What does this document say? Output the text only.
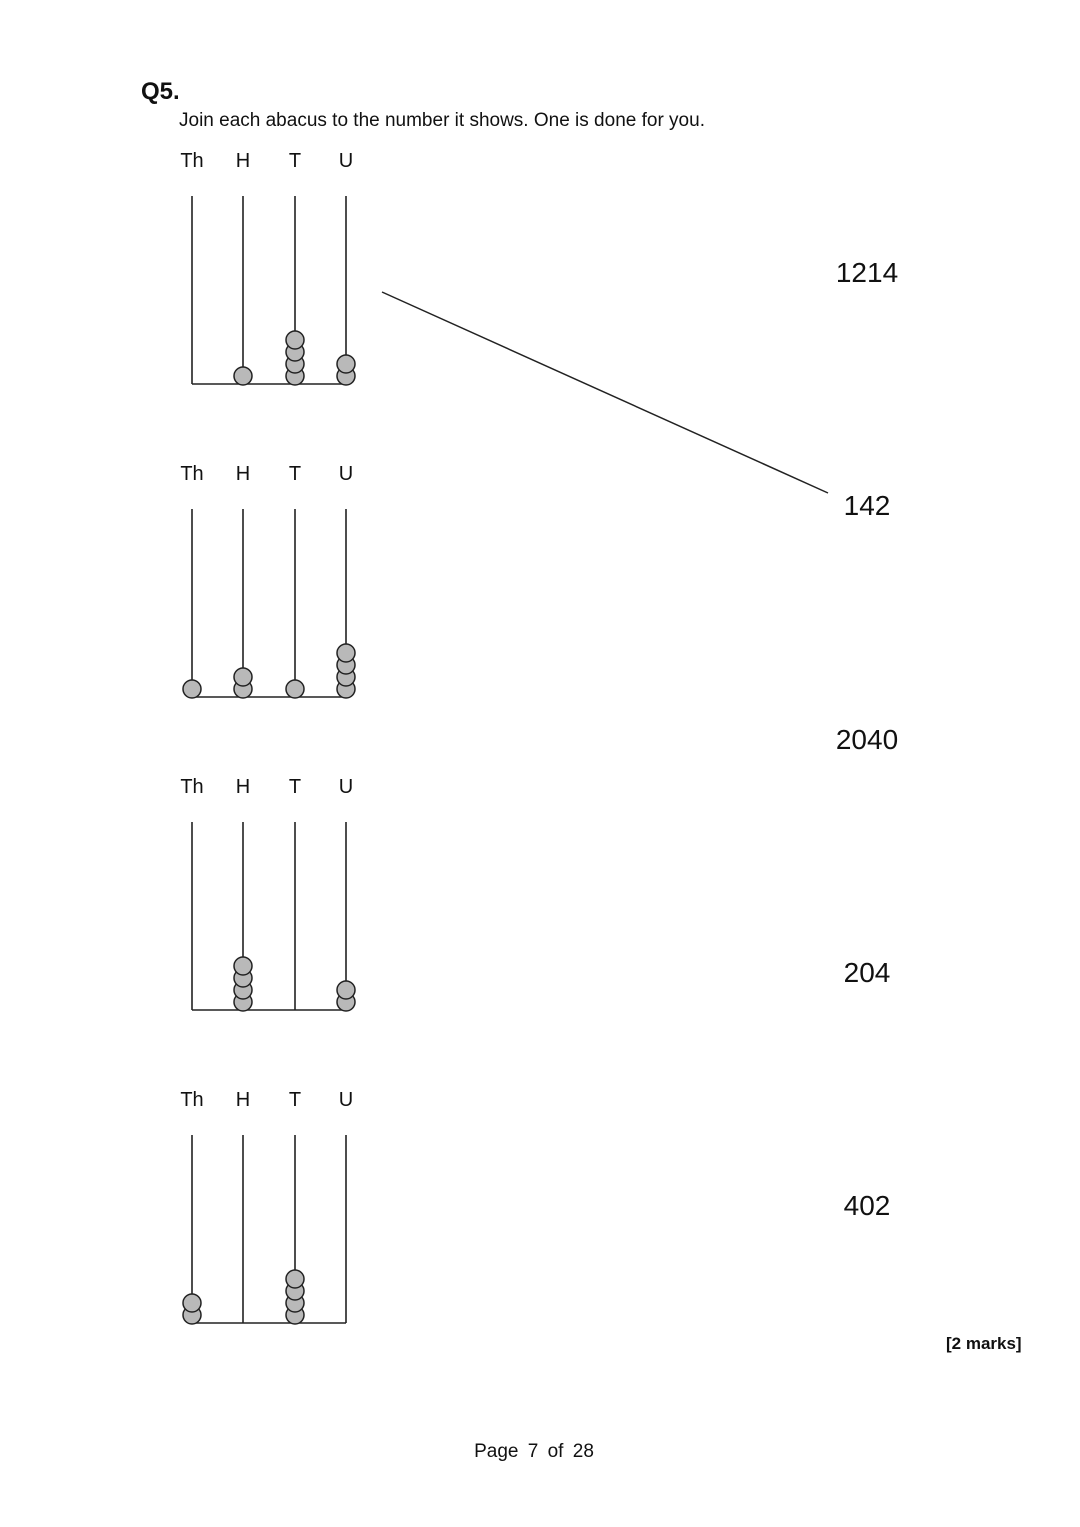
Q5.
Join each abacus to the number it shows. One is done for you.
Th H T U
Th H T U
Th H T U
Th H T U
1214
142
2040
204
402
[2 marks]
Page 7 of 28
